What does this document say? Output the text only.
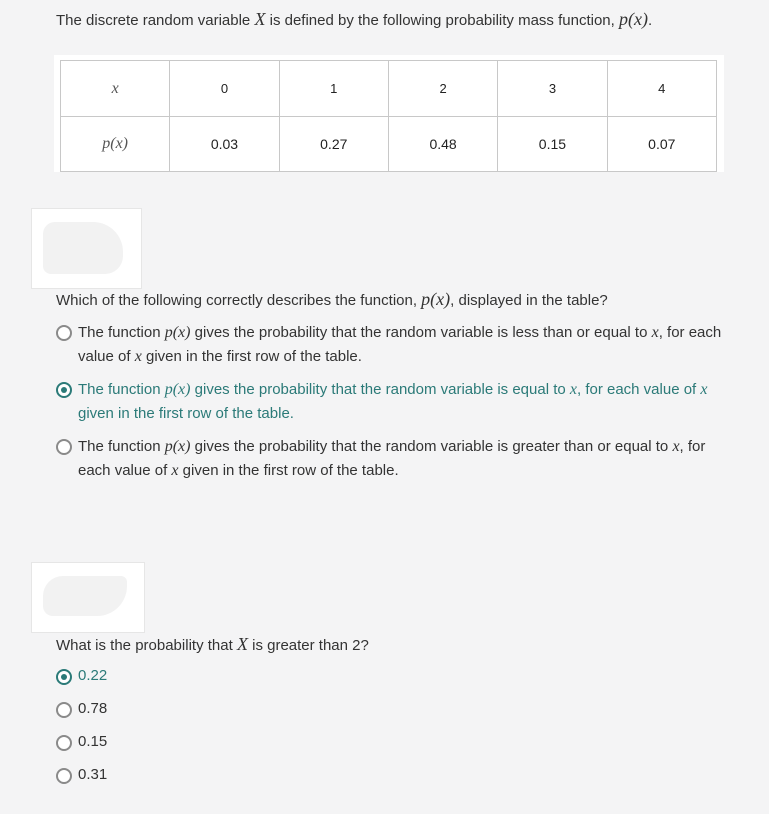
The discrete random variable X is defined by the following probability mass function, p(x).
x	0	1	2	3	4
p(x)	0.03	0.27	0.48	0.15	0.07
Which of the following correctly describes the function, p(x), displayed in the table?
The function p(x) gives the probability that the random variable is less than or equal to x, for each value of x given in the first row of the table.
The function p(x) gives the probability that the random variable is equal to x, for each value of x given in the first row of the table.
The function p(x) gives the probability that the random variable is greater than or equal to x, for each value of x given in the first row of the table.
What is the probability that X is greater than 2?
0.22
0.78
0.15
0.31
